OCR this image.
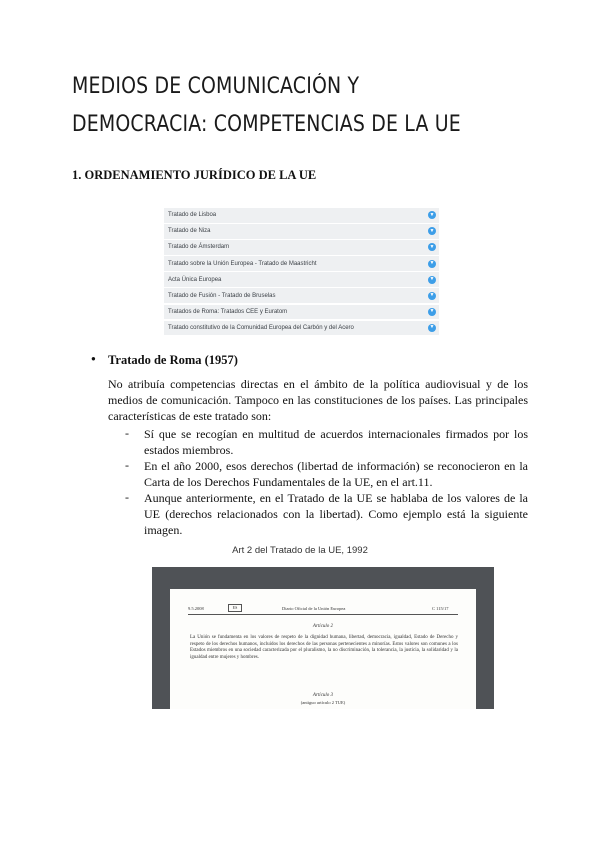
MEDIOS DE COMUNICACIÓN Y DEMOCRACIA: COMPETENCIAS DE LA UE
1. ORDENAMIENTO JURÍDICO DE LA UE
Tratado de Lisboa	▼
Tratado de Niza	▼
Tratado de Ámsterdam	▼
Tratado sobre la Unión Europea - Tratado de Maastricht	▼
Acta Única Europea	▼
Tratado de Fusión - Tratado de Bruselas	▼
Tratados de Roma: Tratados CEE y Euratom	▼
Tratado constitutivo de la Comunidad Europea del Carbón y del Acero	▼
● Tratado de Roma (1957)

No atribuía competencias directas en el ámbito de la política audiovisual y de los medios de comunicación. Tampoco en las constituciones de los países. Las principales características de este tratado son:

- Sí que se recogían en multitud de acuerdos internacionales firmados por los estados miembros.

- En el año 2000, esos derechos (libertad de información) se reconocieron en la Carta de los Derechos Fundamentales de la UE, en el art.11.

- Aunque anteriormente, en el Tratado de la UE se hablaba de los valores de la UE (derechos relacionados con la libertad). Como ejemplo está la siguiente imagen.

Art 2 del Tratado de la UE, 1992
9.5.2008	ES	Diario Oficial de la Unión Europea	C 115/17
Artículo 2

La Unión se fundamenta en los valores de respeto de la dignidad humana, libertad, democracia, igualdad, Estado de Derecho y respeto de los derechos humanos, incluidos los derechos de las personas pertenecientes a minorías. Estos valores son comunes a los Estados miembros en una sociedad caracterizada por el pluralismo, la no discriminación, la tolerancia, la justicia, la solidaridad y la igualdad entre mujeres y hombres.

Artículo 3
(antiguo artículo 2 TUE)
